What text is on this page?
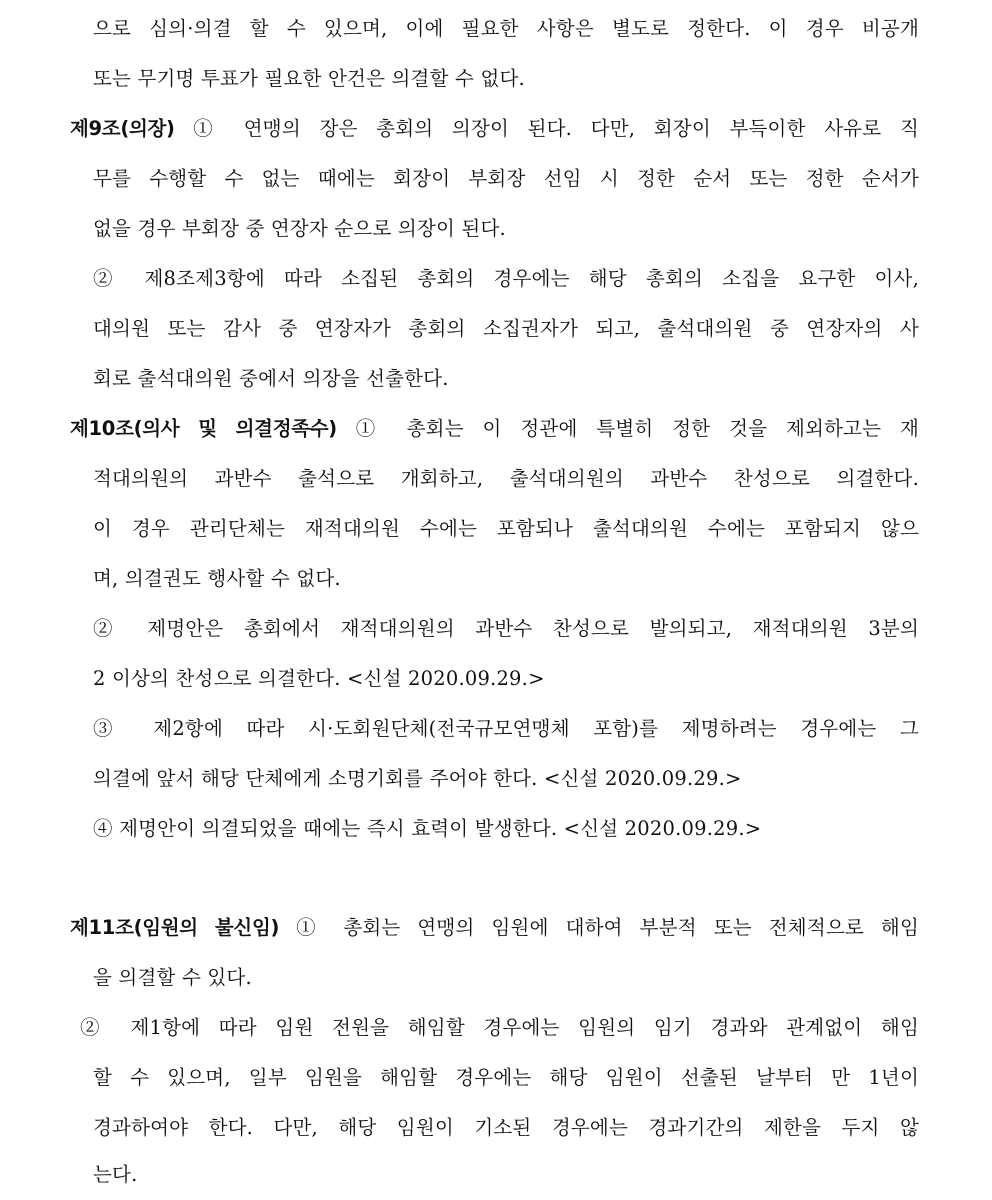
으로 심의·의결 할 수 있으며, 이에 필요한 사항은 별도로 정한다. 이 경우 비공개
또는 무기명 투표가 필요한 안건은 의결할 수 없다.
제9조(의장) ① 연맹의 장은 총회의 의장이 된다. 다만, 회장이 부득이한 사유로 직
무를 수행할 수 없는 때에는 회장이 부회장 선임 시 정한 순서 또는 정한 순서가
없을 경우 부회장 중 연장자 순으로 의장이 된다.
② 제8조제3항에 따라 소집된 총회의 경우에는 해당 총회의 소집을 요구한 이사,
대의원 또는 감사 중 연장자가 총회의 소집권자가 되고, 출석대의원 중 연장자의 사
회로 출석대의원 중에서 의장을 선출한다.
제10조(의사 및 의결정족수) ① 총회는 이 정관에 특별히 정한 것을 제외하고는 재
적대의원의 과반수 출석으로 개회하고, 출석대의원의 과반수 찬성으로 의결한다.
이 경우 관리단체는 재적대의원 수에는 포함되나 출석대의원 수에는 포함되지 않으
며, 의결권도 행사할 수 없다.
② 제명안은 총회에서 재적대의원의 과반수 찬성으로 발의되고, 재적대의원 3분의
2 이상의 찬성으로 의결한다. <신설 2020.09.29.>
③ 제2항에 따라 시·도회원단체(전국규모연맹체 포함)를 제명하려는 경우에는 그
의결에 앞서 해당 단체에게 소명기회를 주어야 한다. <신설 2020.09.29.>
④ 제명안이 의결되었을 때에는 즉시 효력이 발생한다. <신설 2020.09.29.>
제11조(임원의 불신임) ① 총회는 연맹의 임원에 대하여 부분적 또는 전체적으로 해임
을 의결할 수 있다.
② 제1항에 따라 임원 전원을 해임할 경우에는 임원의 임기 경과와 관계없이 해임
할 수 있으며, 일부 임원을 해임할 경우에는 해당 임원이 선출된 날부터 만 1년이
경과하여야 한다. 다만, 해당 임원이 기소된 경우에는 경과기간의 제한을 두지 않
는다.
